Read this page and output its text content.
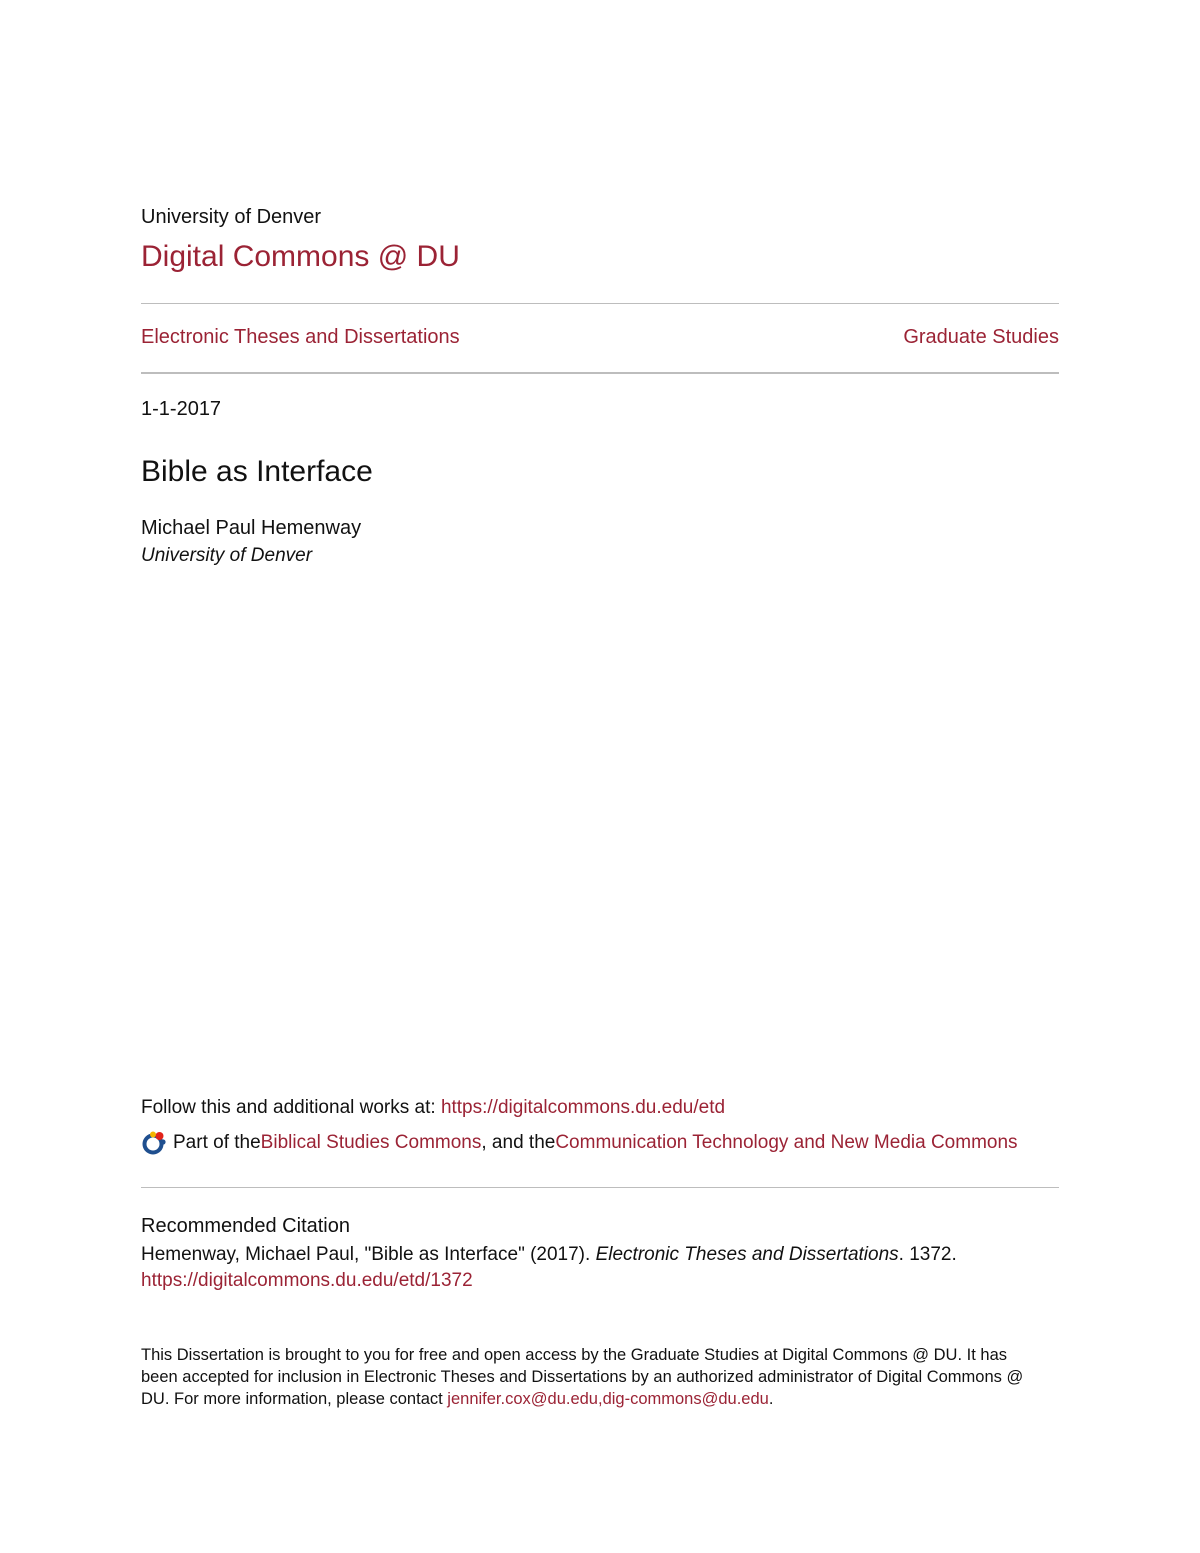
University of Denver
Digital Commons @ DU
Electronic Theses and Dissertations	Graduate Studies
1-1-2017
Bible as Interface
Michael Paul Hemenway
University of Denver
Follow this and additional works at: https://digitalcommons.du.edu/etd
Part of the Biblical Studies Commons , and the Communication Technology and New Media Commons
Recommended Citation
Hemenway, Michael Paul, "Bible as Interface" (2017). Electronic Theses and Dissertations. 1372.
https://digitalcommons.du.edu/etd/1372
This Dissertation is brought to you for free and open access by the Graduate Studies at Digital Commons @ DU. It has been accepted for inclusion in Electronic Theses and Dissertations by an authorized administrator of Digital Commons @ DU. For more information, please contact jennifer.cox@du.edu,dig-commons@du.edu.
